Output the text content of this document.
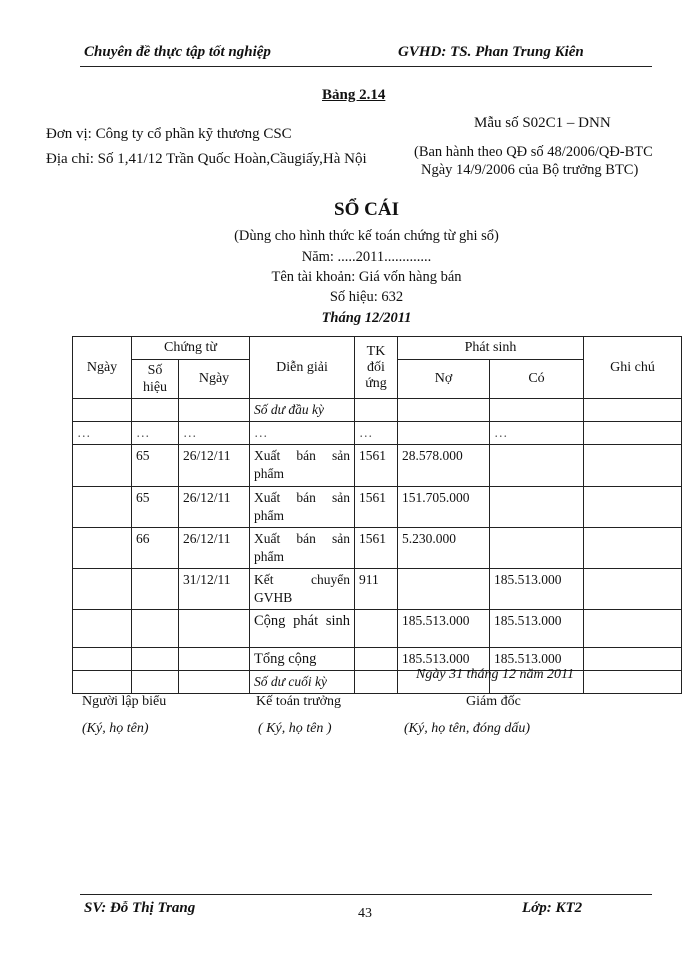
Chuyên đề thực tập tốt nghiệp	GVHD: TS. Phan Trung Kiên
Bảng 2.14
Đơn vị: Công ty cổ phần kỹ thương CSC
Địa chỉ: Số 1,41/12 Trần Quốc Hoàn,Cầugiấy,Hà Nội
Mẫu số S02C1 – DNN
(Ban hành theo QĐ số 48/2006/QĐ-BTC
Ngày 14/9/2006 của Bộ trưởng BTC)
SỔ CÁI
(Dùng cho hình thức kế toán chứng từ ghi sổ)
Năm: .....2011.............
Tên tài khoản: Giá vốn hàng bán
Số hiệu: 632
Tháng 12/2011
Ngày	Chứng từ		Diễn giải	TK đối ứng	Phát sinh		Ghi chú
	Số hiệu	Ngày			Nợ	Có	
			Số dư đầu kỳ				
…	…	…	…	…		…	
	65	26/12/11	Xuất bán sản phẩm	1561	28.578.000		
	65	26/12/11	Xuất bán sản phẩm	1561	151.705.000		
	66	26/12/11	Xuất bán sản phẩm	1561	5.230.000		
		31/12/11	Kết chuyển GVHB	911		185.513.000	
			Cộng phát sinh		185.513.000	185.513.000	
			Tổng cộng		185.513.000	185.513.000	
			Số dư cuối kỳ					Ngày 31 tháng 12 năm 2011
Người lập biểu	Kế toán trưởng	Giám đốc
(Ký, họ tên)	( Ký, họ tên )	(Ký, họ tên, đóng dấu)
SV: Đỗ Thị Trang	43	Lớp: KT2
